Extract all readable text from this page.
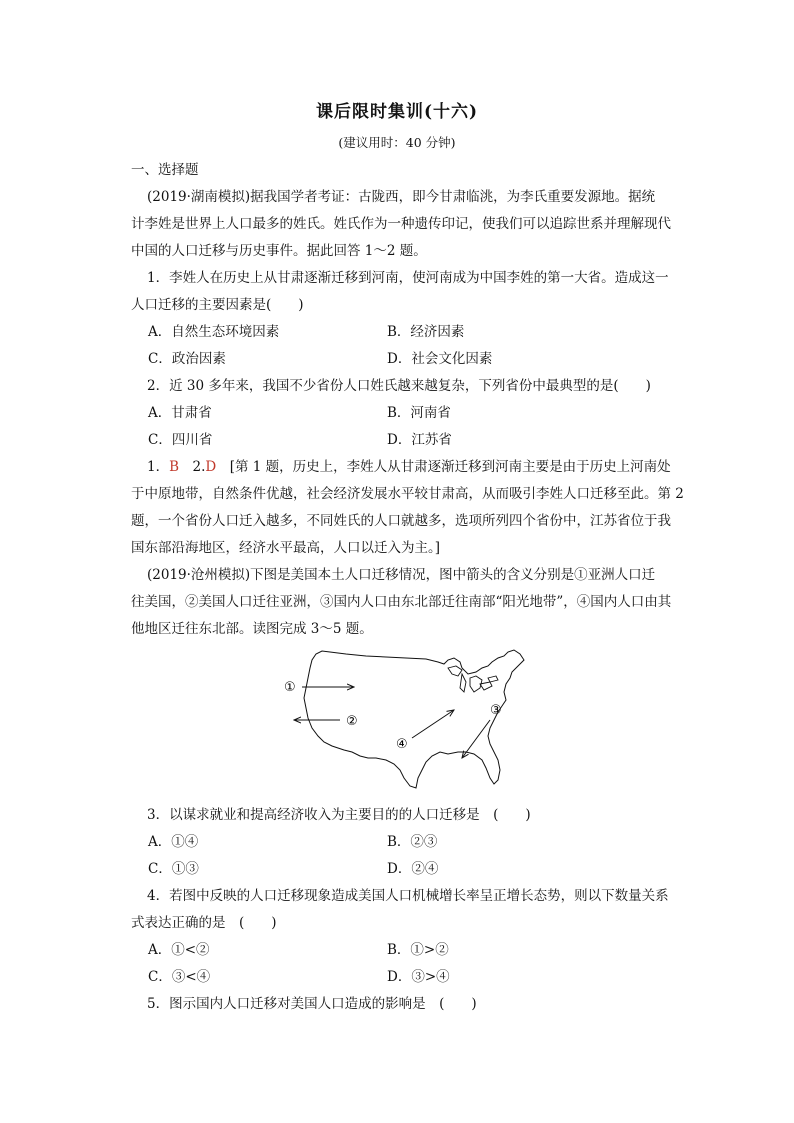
课后限时集训(十六)
(建议用时：40 分钟)
一、选择题
(2019·湖南模拟)据我国学者考证：古陇西，即今甘肃临洮，为李氏重要发源地。据统
计李姓是世界上人口最多的姓氏。姓氏作为一种遗传印记，使我们可以追踪世系并理解现代
中国的人口迁移与历史事件。据此回答 1～2 题。
1．李姓人在历史上从甘肃逐渐迁移到河南，使河南成为中国李姓的第一大省。造成这一
人口迁移的主要因素是(　　)
A．自然生态环境因素	B．经济因素
C．政治因素	D．社会文化因素
2．近 30 多年来，我国不少省份人口姓氏越来越复杂，下列省份中最典型的是(　　)
A．甘肃省	B．河南省
C．四川省	D．江苏省
1．B　2.D　[第 1 题，历史上，李姓人从甘肃逐渐迁移到河南主要是由于历史上河南处
于中原地带，自然条件优越，社会经济发展水平较甘肃高，从而吸引李姓人口迁移至此。第 2
题，一个省份人口迁入越多，不同姓氏的人口就越多，选项所列四个省份中，江苏省位于我
国东部沿海地区，经济水平最高，人口以迁入为主。]
(2019·沧州模拟)下图是美国本土人口迁移情况，图中箭头的含义分别是①亚洲人口迁
往美国，②美国人口迁往亚洲，③国内人口由东北部迁往南部“阳光地带”，④国内人口由其
他地区迁往东北部。读图完成 3～5 题。
①
②
③
④
3．以谋求就业和提高经济收入为主要目的的人口迁移是　(　　)
A．①④	B．②③
C．①③	D．②④
4．若图中反映的人口迁移现象造成美国人口机械增长率呈正增长态势，则以下数量关系
式表达正确的是　(　　)
A．①<②	B．①>②
C．③<④	D．③>④
5．图示国内人口迁移对美国人口造成的影响是　(　　)
